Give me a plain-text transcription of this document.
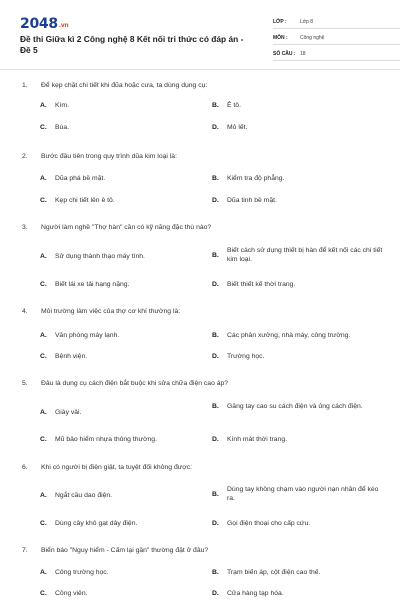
2048.vn
Đề thi Giữa kì 2 Công nghệ 8 Kết nối tri thức có đáp án - Đề 5
LỚP :	Lớp 8
MÔN :	Công nghệ
SỐ CÂU : 18
1.	Để kẹp chặt chi tiết khi đũa hoặc cưa, ta dùng dụng cụ:
A.	Kìm.	B.	Ê tô.
C.	Búa.	D.	Mỏ lết.
2.	Bước đầu tiên trong quy trình dũa kim loại là:
A.	Dũa phá bề mặt.	B.	Kiểm tra độ phẳng.
C.	Kẹp chi tiết lên ê tô.	D.	Dũa tinh bề mặt.
3.	Người làm nghề "Thợ hàn" cần có kỹ năng đặc thù nào?
A.	Sử dụng thành thạo máy tính.	B.
Biết cách sử dụng thiết bị hàn để kết nối các chi tiết kim loại.
C.	Biết lái xe tải hạng nặng.	D.	Biết thiết kế thời trang.
4.	Môi trường làm việc của thợ cơ khí thường là:
A.	Văn phòng máy lạnh.	B.	Các phân xưởng, nhà máy, công trường.
C.	Bệnh viện.	D.	Trường học.
5.	Đâu là dụng cụ cách điện bắt buộc khi sửa chữa điện cao áp?
A.	Giày vải.
B.	Găng tay cao su cách điện và ủng cách điện.
C.	Mũ bảo hiểm nhựa thông thường.	D.	Kính mát thời trang.
6.	Khi có người bị điện giật, ta tuyệt đối không được:
A.	Ngắt cầu dao điện.	B.
Dùng tay không chạm vào người nạn nhân để kéo ra.
C.	Dùng cây khô gạt dây điện.	D.	Gọi điện thoại cho cấp cứu.
7.	Biển báo "Nguy hiểm - Cấm lại gần" thường đặt ở đâu?
A.	Công trường học.	B.	Trạm biến áp, cột điện cao thế.
C.	Công viên.	D.	Cửa hàng tạp hóa.
